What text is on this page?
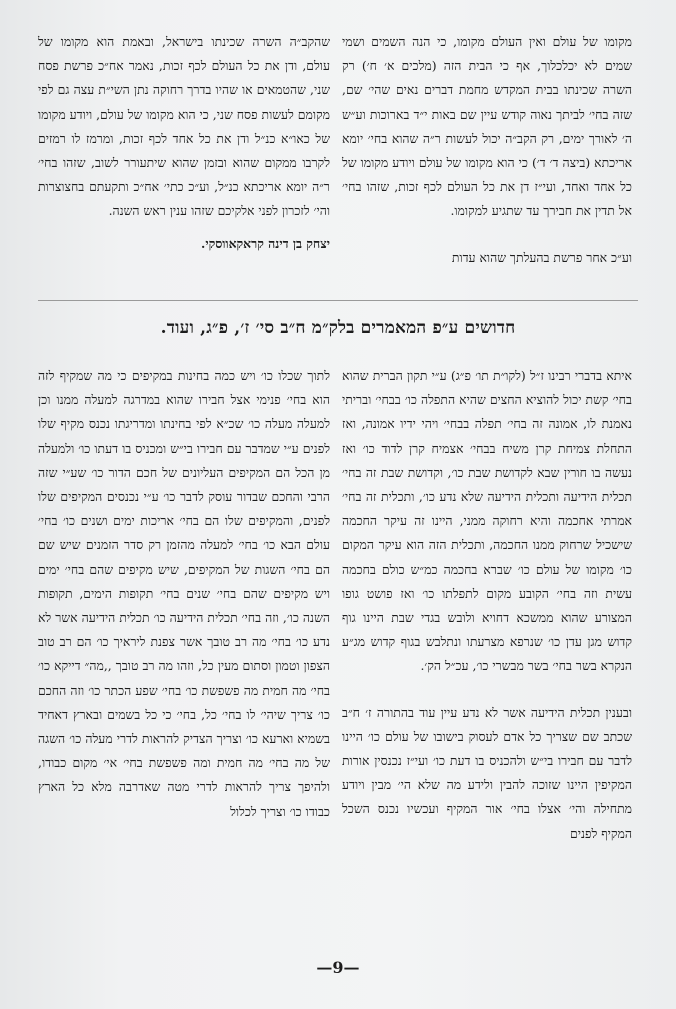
מקומו של עולם ואין העולם מקומו, כי הנה השמים ושמי שמים לא יכלכלוך, אף כי הבית הזה (מלכים א׳ ח׳) רק השרה שכינתו בבית המקדש מחמת דברים נאים שהי׳ שם, שזה בחי׳ לביתך נאוה קודש עיין שם באות י״ד בארוכות וע״ש ה׳ לאורך ימים, רק הקב״ה יכול לעשות ר״ה שהוא בחי׳ יומא אריכתא (ביצה ד׳ ד׳) כי הוא מקומו של עולם ויודע מקומו של כל אחד ואחד, ועי״ז דן את כל העולם לכף זכות, שזהו בחי׳ אל תדין את חבירך עד שתגיע למקומו.

וע״כ אחר פרשת בהעלתך שהוא עדות

שהקב״ה השרה שכינתו בישראל, ובאמת הוא מקומו של עולם, ודן את כל העולם לכף זכות, נאמר אח״כ פרשת פסח שני, שהטמאים או שהיו בדרך רחוקה נתן השי״ת עצה גם לפי מקומם לעשות פסח שני, כי הוא מקומו של עולם, ויודע מקומו של כאו״א כנ״ל ודן את כל אחד לכף זכות, ומרמז לו רמזים לקרבו ממקום שהוא ובזמן שהוא שיתעורר לשוב, שזהו בחי׳ ר״ה יומא אריכתא כנ״ל, וע״כ כתי׳ אח״כ ותקעתם בחצוצרות והי׳ לזכרון לפני אלקיכם שזהו ענין ראש השנה.

יצחק בן דינה קראקאווסקי.

חדושים ע״פ המאמרים בלק״מ ח״ב סי׳ ז׳, פ״ג, ועוד.

איתא בדברי רבינו ז״ל (לקו״ת תו׳ פ״ג) ע״י תקון הברית שהוא בחי׳ קשת יכול להוציא החצים שהיא התפלה כו׳ בבחי׳ ובריתי נאמנת לו, אמונה זה בחי׳ תפלה בבחי׳ ויהי ידיו אמונה, ואז התחלת צמיחת קרן משיח בבחי׳ אצמיח קרן לדוד כו׳ ואז נעשה בו חורין שבא לקדושת שבת כו׳, וקדושת שבת זה בחי׳ תכלית הידיעה ותכלית הידיעה שלא נדע כו׳, ותכלית זה בחי׳ אמרתי אחכמה והיא רחוקה ממני, היינו זה עיקר החכמה שישכיל שרחוק ממנו החכמה, ותכלית הזה הוא עיקר המקום כו׳ מקומו של עולם כו׳ שברא בחכמה כמ״ש כולם בחכמה עשית וזה בחי׳ הקובע מקום לתפלתו כו׳ ואז פושט גופו המצורע שהוא ממשכא דחויא ולובש בגדי שבת היינו גוף קדוש מגן עדן כו׳ שנרפא מצרעתו ונתלבש בגוף קדוש מג״ע הנקרא בשר בחי׳ בשר מבשרי כו׳, עכ״ל הק׳.

ובענין תכלית הידיעה אשר לא נדע עיין עוד בהתורה ז׳ ח״ב שכתב שם שצריך כל אדם לעסוק בישובו של עולם כו׳ היינו לדבר עם חבירו בי״ש ולהכניס בו דעת כו׳ ועי״ז נכנסין אורות המקיפין היינו שזוכה להבין ולידע מה שלא הי׳ מבין ויודע מתחילה והי׳ אצלו בחי׳ אור המקיף ועכשיו נכנס השכל המקיף לפנים

לתוך שכלו כו׳ ויש כמה בחינות במקיפים כי מה שמקיף לזה הוא בחי׳ פנימי אצל חבירו שהוא במדרגה למעלה ממנו וכן למעלה מעלה כו׳ שכ״א לפי בחינתו ומדריגתו נכנס מקיף שלו לפנים ע״י שמדבר עם חבירו בי״ש ומכניס בו דעתו כו׳ ולמעלה מן הכל הם המקיפים העליונים של חכם הדור כו׳ שע״י שזה הרבי והחכם שבדור עוסק לדבר כו׳ ע״י נכנסים המקיפים שלו לפנים, והמקיפים שלו הם בחי׳ אריכות ימים ושנים כו׳ בחי׳ עולם הבא כו׳ בחי׳ למעלה מהזמן רק סדר הזמנים שיש שם הם בחי׳ השגות של המקיפים, שיש מקיפים שהם בחי׳ ימים ויש מקיפים שהם בחי׳ שנים בחי׳ תקופות הימים, תקופות השנה כו׳, וזה בחי׳ תכלית הידיעה כו׳ תכלית הידיעה אשר לא נדע כו׳ בחי׳ מה רב טובך אשר צפנת ליראיך כו׳ הם רב טוב הצפון וטמון וסתום מעין כל, וזהו מה רב טובך ,,מה״ דייקא כו׳ בחי׳ מה חמית מה פשפשת כו׳ בחי׳ שפע הכתר כו׳ וזה החכם כו׳ צריך שיהי׳ לו בחי׳ כל, בחי׳ כי כל בשמים ובארץ דאחיד בשמיא וארעא כו׳ וצריך הצדיק להראות לדרי מעלה כו׳ השגה של מה בחי׳ מה חמית ומה פשפשת בחי׳ אי׳ מקום כבודו, ולהיפך צריך להראות לדרי מטה שאדרבה מלא כל הארץ כבודו כו׳ וצריך לכלול

—9—
